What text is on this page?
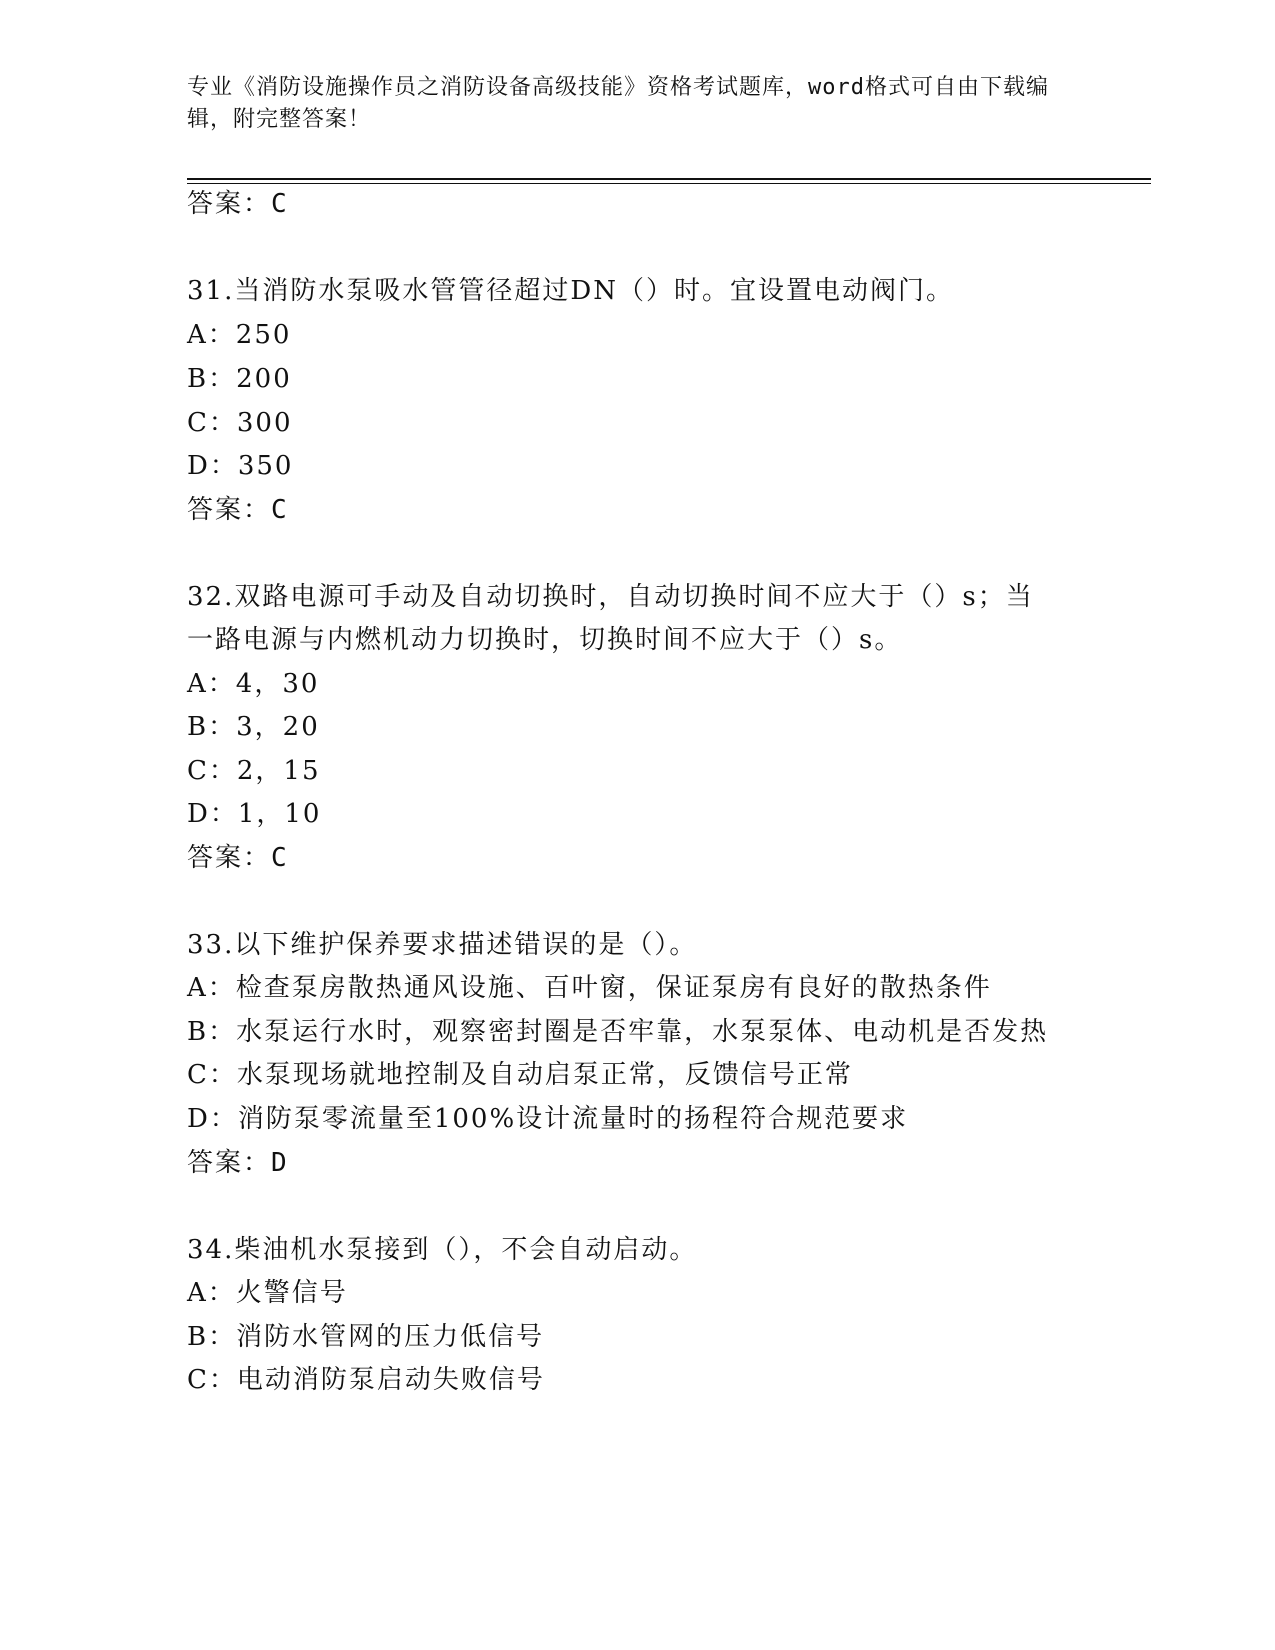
专业《消防设施操作员之消防设备高级技能》资格考试题库，word格式可自由下载编辑，附完整答案！
答案：C
31.当消防水泵吸水管管径超过DN（）时。宜设置电动阀门。
A：250
B：200
C：300
D：350
答案：C
32.双路电源可手动及自动切换时，自动切换时间不应大于（）s；当
一路电源与内燃机动力切换时，切换时间不应大于（）s。
A：4，30
B：3，20
C：2，15
D：1，10
答案：C
33.以下维护保养要求描述错误的是（）。
A：检查泵房散热通风设施、百叶窗，保证泵房有良好的散热条件
B：水泵运行水时，观察密封圈是否牢靠，水泵泵体、电动机是否发热
C：水泵现场就地控制及自动启泵正常，反馈信号正常
D：消防泵零流量至100%设计流量时的扬程符合规范要求
答案：D
34.柴油机水泵接到（），不会自动启动。
A：火警信号
B：消防水管网的压力低信号
C：电动消防泵启动失败信号
